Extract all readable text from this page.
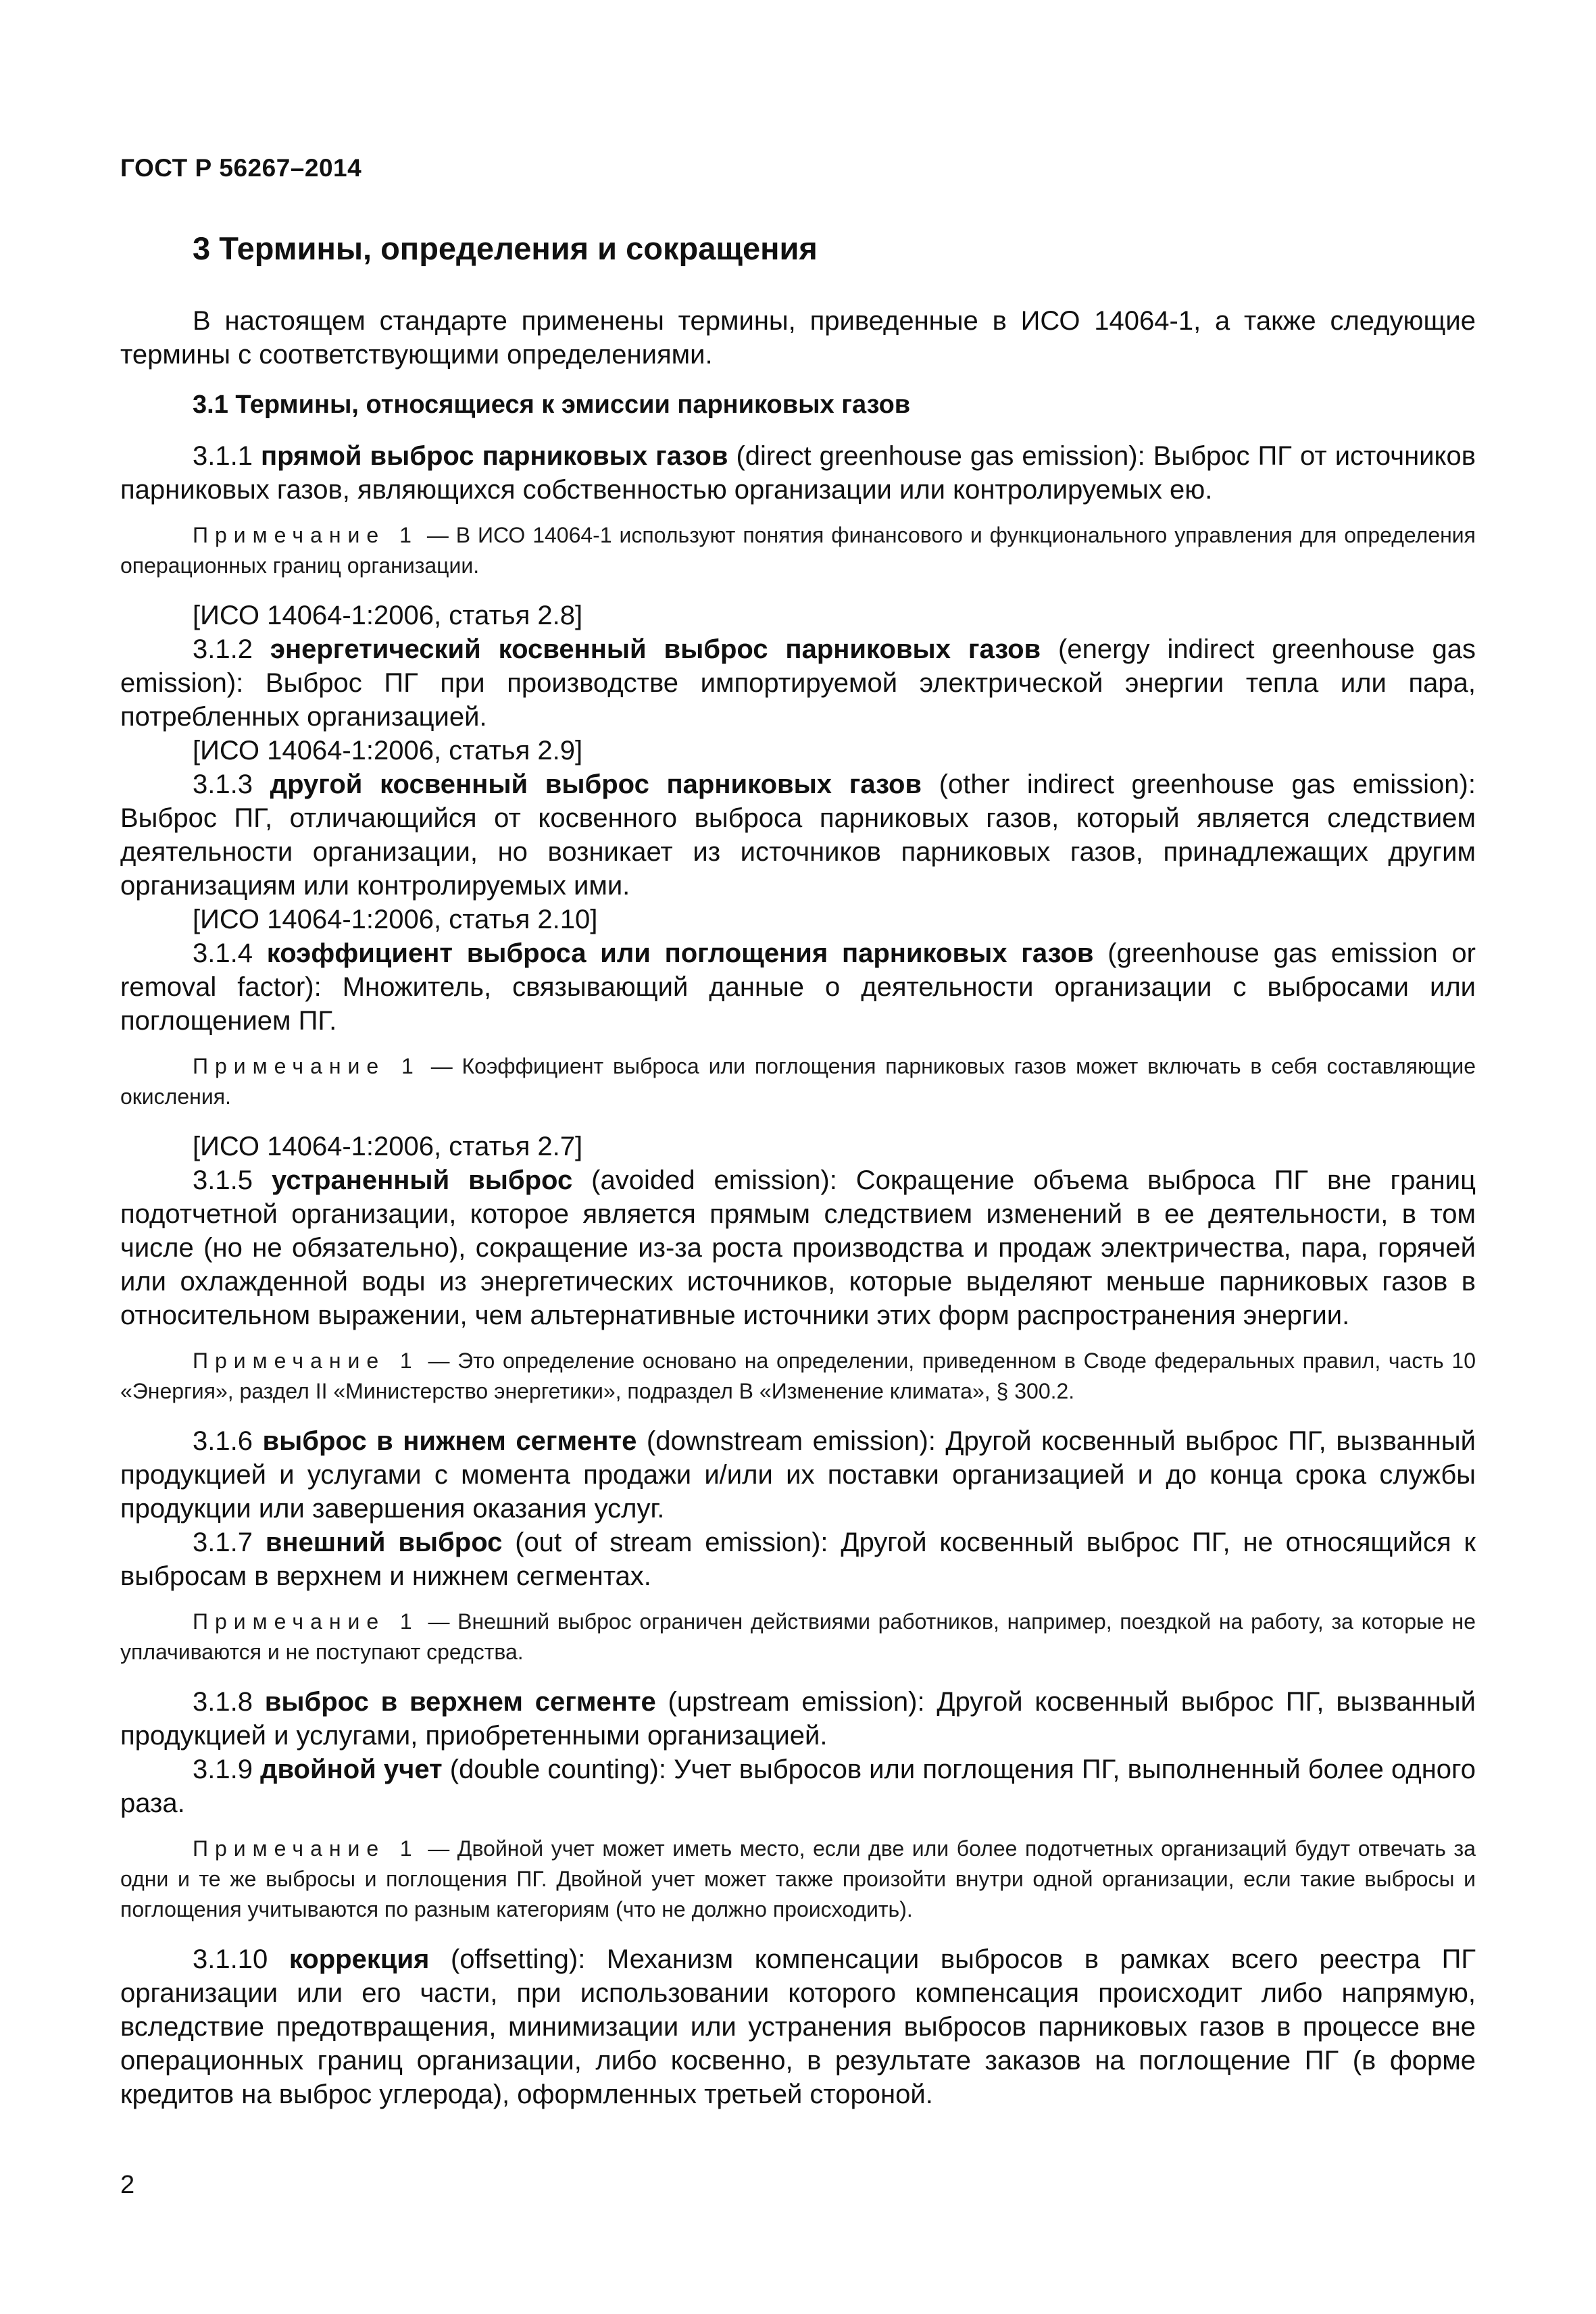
ГОСТ Р 56267–2014
3 Термины, определения и сокращения

В настоящем стандарте применены термины, приведенные в ИСО 14064-1, а также следующие термины с соответствующими определениями.

3.1 Термины, относящиеся к эмиссии парниковых газов

3.1.1 прямой выброс парниковых газов (direct greenhouse gas emission): Выброс ПГ от источников парниковых газов, являющихся собственностью организации или контролируемых ею.

Примечание 1 — В ИСО 14064-1 используют понятия финансового и функционального управления для определения операционных границ организации.
[ИСО 14064-1:2006, статья 2.8]

3.1.2 энергетический косвенный выброс парниковых газов (energy indirect greenhouse gas emission): Выброс ПГ при производстве импортируемой электрической энергии тепла или пара, потребленных организацией.

[ИСО 14064-1:2006, статья 2.9]

3.1.3 другой косвенный выброс парниковых газов (other indirect greenhouse gas emission): Выброс ПГ, отличающийся от косвенного выброса парниковых газов, который является следствием деятельности организации, но возникает из источников парниковых газов, принадлежащих другим организациям или контролируемых ими.

[ИСО 14064-1:2006, статья 2.10]

3.1.4 коэффициент выброса или поглощения парниковых газов (greenhouse gas emission or removal factor): Множитель, связывающий данные о деятельности организации с выбросами или поглощением ПГ.

Примечание 1 — Коэффициент выброса или поглощения парниковых газов может включать в себя составляющие окисления.
[ИСО 14064-1:2006, статья 2.7]

3.1.5 устраненный выброс (avoided emission): Сокращение объема выброса ПГ вне границ подотчетной организации, которое является прямым следствием изменений в ее деятельности, в том числе (но не обязательно), сокращение из-за роста производства и продаж электричества, пара, горячей или охлажденной воды из энергетических источников, которые выделяют меньше парниковых газов в относительном выражении, чем альтернативные источники этих форм распространения энергии.

Примечание 1 — Это определение основано на определении, приведенном в Своде федеральных правил, часть 10 «Энергия», раздел II «Министерство энергетики», подраздел В «Изменение климата», § 300.2.

3.1.6 выброс в нижнем сегменте (downstream emission): Другой косвенный выброс ПГ, вызванный продукцией и услугами с момента продажи и/или их поставки организацией и до конца срока службы продукции или завершения оказания услуг.

3.1.7 внешний выброс (out of stream emission): Другой косвенный выброс ПГ, не относящийся к выбросам в верхнем и нижнем сегментах.

Примечание 1 — Внешний выброс ограничен действиями работников, например, поездкой на работу, за которые не уплачиваются и не поступают средства.

3.1.8 выброс в верхнем сегменте (upstream emission): Другой косвенный выброс ПГ, вызванный продукцией и услугами, приобретенными организацией.

3.1.9 двойной учет (double counting): Учет выбросов или поглощения ПГ, выполненный более одного раза.

Примечание 1 — Двойной учет может иметь место, если две или более подотчетных организаций будут отвечать за одни и те же выбросы и поглощения ПГ. Двойной учет может также произойти внутри одной организации, если такие выбросы и поглощения учитываются по разным категориям (что не должно происходить).

3.1.10 коррекция (offsetting): Механизм компенсации выбросов в рамках всего реестра ПГ организации или его части, при использовании которого компенсация происходит либо напрямую, вследствие предотвращения, минимизации или устранения выбросов парниковых газов в процессе вне операционных границ организации, либо косвенно, в результате заказов на поглощение ПГ (в форме кредитов на выброс углерода), оформленных третьей стороной.

2
